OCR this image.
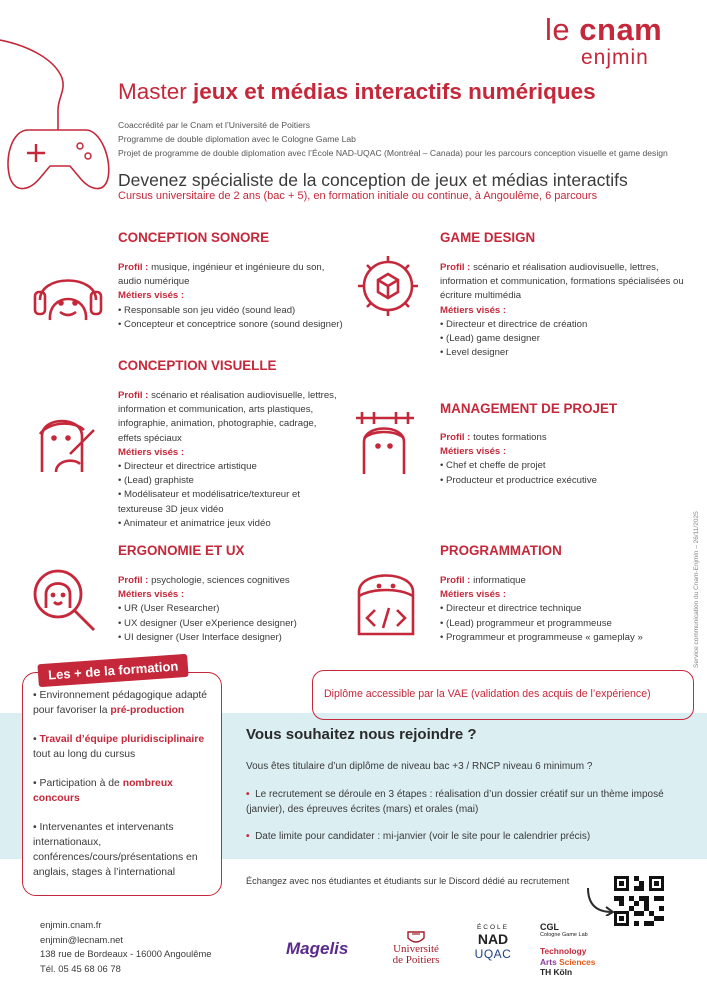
le cnam
enjmin
Master jeux et médias interactifs numériques
Coaccrédité par le Cnam et l’Université de Poitiers
Programme de double diplomation avec le Cologne Game Lab
Projet de programme de double diplomation avec l’École NAD-UQAC (Montréal – Canada) pour les parcours conception visuelle et game design
Devenez spécialiste de la conception de jeux et médias interactifs
Cursus universitaire de 2 ans (bac + 5), en formation initiale ou continue, à Angoulême, 6 parcours
CONCEPTION SONORE
Profil : musique, ingénieur et ingénieure du son, audio numérique
Métiers visés :
• Responsable son jeu vidéo (sound lead)
• Concepteur et conceptrice sonore (sound designer)
CONCEPTION VISUELLE
Profil : scénario et réalisation audiovisuelle, lettres, information et communication, arts plastiques, infographie, animation, photographie, cadrage, effets spéciaux
Métiers visés :
• Directeur et directrice artistique
• (Lead) graphiste
• Modélisateur et modélisatrice/textureur et textureuse 3D jeux vidéo
• Animateur et animatrice jeux vidéo
ERGONOMIE ET UX
Profil : psychologie, sciences cognitives
Métiers visés :
• UR (User Researcher)
• UX designer (User eXperience designer)
• UI designer (User Interface designer)
GAME DESIGN
Profil : scénario et réalisation audiovisuelle, lettres, information et communication, formations spécialisées ou écriture multimédia
Métiers visés :
• Directeur et directrice de création
• (Lead) game designer
• Level designer
MANAGEMENT DE PROJET
Profil : toutes formations
Métiers visés :
• Chef et cheffe de projet
• Producteur et productrice exécutive
PROGRAMMATION
Profil : informatique
Métiers visés :
• Directeur et directrice technique
• (Lead) programmeur et programmeuse
• Programmeur et programmeuse « gameplay »	Service communication du Cnam-Enjmin – 26/11/2025
Diplôme accessible par la VAE (validation des acquis de l’expérience)
Les + de la formation
• Environnement pédagogique adapté pour favoriser la pré-production
• Travail d’équipe pluridisciplinaire tout au long du cursus
• Participation à de nombreux concours
• Intervenantes et intervenants internationaux, conférences/cours/présentations en anglais, stages à l’international
Vous souhaitez nous rejoindre ?
Vous êtes titulaire d’un diplôme de niveau bac +3 / RNCP niveau 6 minimum ?
• Le recrutement se déroule en 3 étapes : réalisation d’un dossier créatif sur un thème imposé (janvier), des épreuves écrites (mars) et orales (mai)
• Date limite pour candidater : mi-janvier (voir le site pour le calendrier précis)
Échangez avec nos étudiantes et étudiants sur le Discord dédié au recrutement
enjmin.cnam.fr
enjmin@lecnam.net
138 rue de Bordeaux - 16000 Angoulême
Tél. 05 45 68 06 78
Magelis	Université
de Poitiers
ÉCOLE
NAD
UQAC
CGL
Cologne Game Lab
Technology
Arts Sciences
TH Köln
